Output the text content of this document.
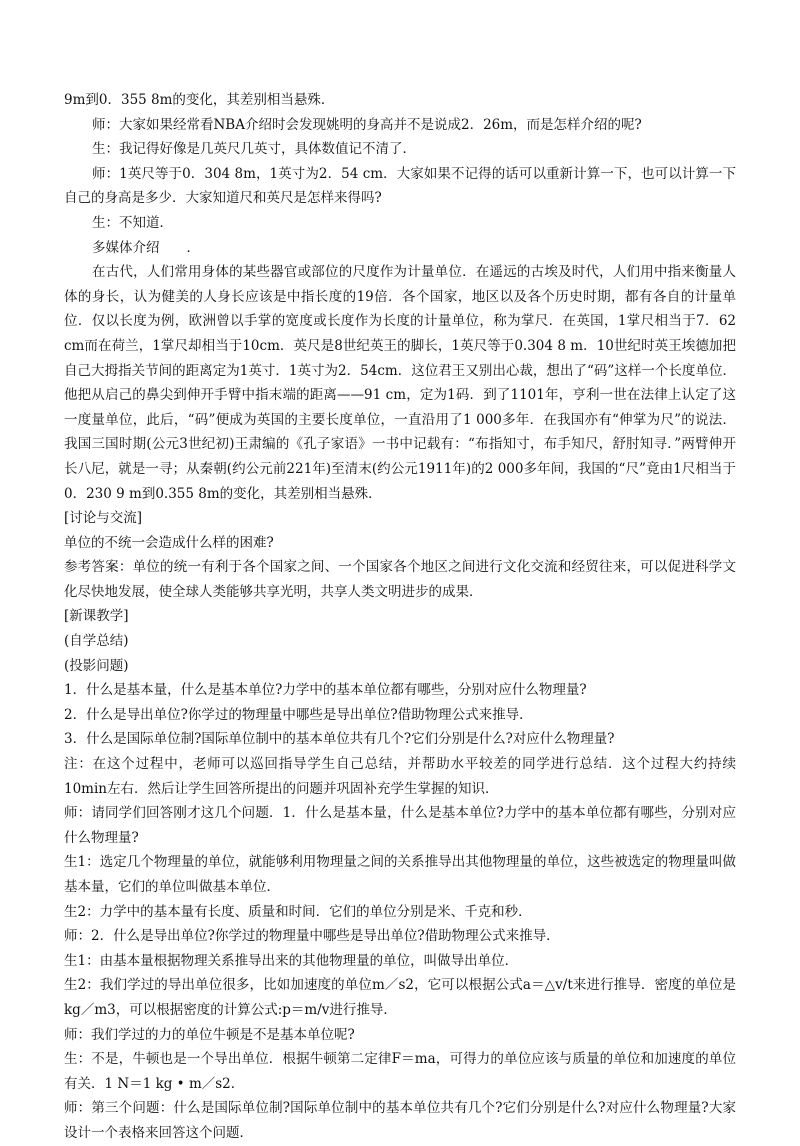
9m到0．355 8m的变化，其差别相当悬殊．

师：大家如果经常看NBA介绍时会发现姚明的身高并不是说成2．26m，而是怎样介绍的呢?

生：我记得好像是几英尺几英寸，具体数值记不清了．

师：1英尺等于0．304 8m，1英寸为2．54 cm．大家如果不记得的话可以重新计算一下，也可以计算一下自己的身高是多少．大家知道尺和英尺是怎样来得吗?

生：不知道．

多媒体介绍　　．

在古代，人们常用身体的某些器官或部位的尺度作为计量单位．在遥远的古埃及时代，人们用中指来衡量人体的身长，认为健美的人身长应该是中指长度的19倍．各个国家，地区以及各个历史时期，都有各自的计量单位．仅以长度为例，欧洲曾以手掌的宽度或长度作为长度的计量单位，称为掌尺．在英国，1掌尺相当于7．62 cm而在荷兰，1掌尺却相当于10cm．英尺是8世纪英王的脚长，1英尺等于0.304 8 m．10世纪时英王埃德加把自己大拇指关节间的距离定为1英寸．1英寸为2．54cm．这位君王又别出心裁，想出了“码”这样一个长度单位．他把从启己的鼻尖到伸开手臂中指末端的距离——91 cm，定为1码．到了1101年，亨利一世在法律上认定了这一度量单位，此后，“码”便成为英国的主要长度单位，一直沿用了1 000多年．在我国亦有“伸掌为尺”的说法．我国三国时期(公元3世纪初)王肃编的《孔子家语》一书中记载有：“布指知寸，布手知尺，舒肘知寻．”两臂伸开长八尼，就是一寻；从秦朝(约公元前221年)至清末(约公元1911年)的2 000多年间，我国的“尺”竟由1尺相当于0．230 9 m到0.355 8m的变化，其差别相当悬殊．

[讨论与交流]

单位的不统一会造成什么样的困难?

参考答案：单位的统一有利于各个国家之间、一个国家各个地区之间进行文化交流和经贸往来，可以促进科学文化尽快地发展，使全球人类能够共享光明，共享人类文明进步的成果．

[新课教学]

(自学总结)

(投影问题)

1．什么是基本量，什么是基本单位?力学中的基本单位都有哪些，分别对应什么物理量?

2．什么是导出单位?你学过的物理量中哪些是导出单位?借助物理公式来推导．

3．什么是国际单位制?国际单位制中的基本单位共有几个?它们分别是什么?对应什么物理量?

注：在这个过程中，老师可以巡回指导学生自己总结，并帮助水平较差的同学进行总结．这个过程大约持续10min左右．然后让学生回答所提出的问题并巩固补充学生掌握的知识．

师：请同学们回答刚才这几个问题．1．什么是基本量，什么是基本单位?力学中的基本单位都有哪些，分别对应什么物理量?

生1：选定几个物理量的单位，就能够利用物理量之间的关系推导出其他物理量的单位，这些被选定的物理量叫做基本量，它们的单位叫做基本单位．

生2：力学中的基本量有长度、质量和时间．它们的单位分别是米、千克和秒．

师：2．什么是导出单位?你学过的物理量中哪些是导出单位?借助物理公式来推导．

生1：由基本量根据物理关系推导出来的其他物理量的单位，叫做导出单位．

生2：我们学过的导出单位很多，比如加速度的单位m／s2，它可以根据公式a＝△v/t来进行推导．密度的单位是kg／m3，可以根据密度的计算公式:p＝m/v进行推导．

师：我们学过的力的单位牛顿是不是基本单位呢?

生：不是，牛顿也是一个导出单位．根据牛顿第二定律F＝ma，可得力的单位应该与质量的单位和加速度的单位有关．1 N＝1 kg • m／s2．

师：第三个问题：什么是国际单位制?国际单位制中的基本单位共有几个?它们分别是什么?对应什么物理量?大家设计一个表格来回答这个问题．
